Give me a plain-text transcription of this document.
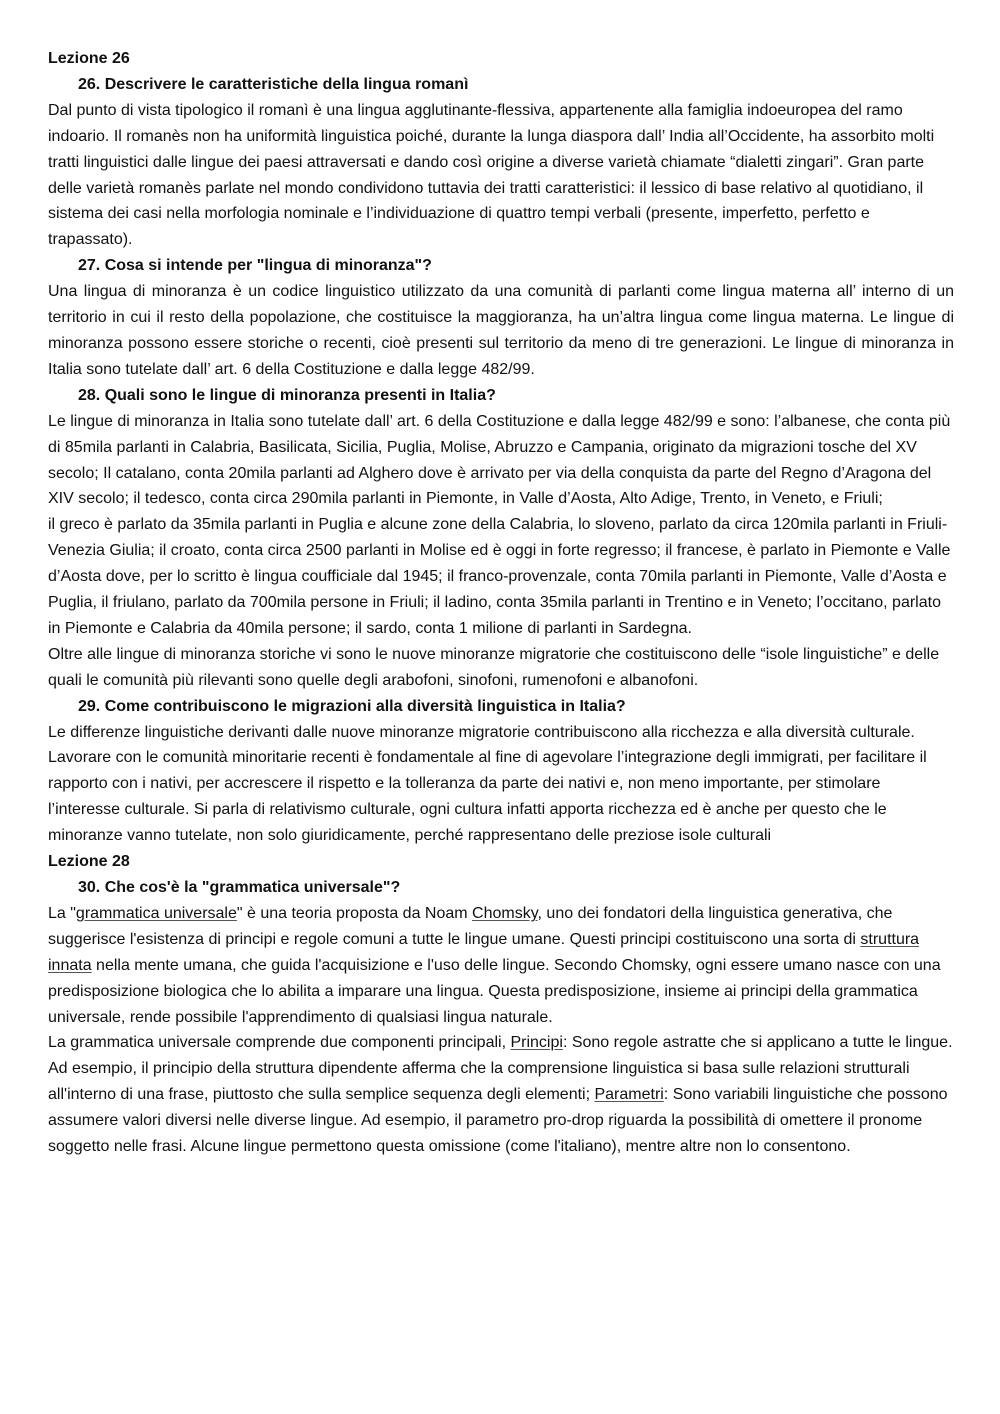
Lezione 26

26. Descrivere le caratteristiche della lingua romanì

Dal punto di vista tipologico il romanì è una lingua agglutinante-flessiva, appartenente alla famiglia indoeuropea del ramo indoario. Il romanès non ha uniformità linguistica poiché, durante la lunga diaspora dall’ India all’Occidente, ha assorbito molti tratti linguistici dalle lingue dei paesi attraversati e dando così origine a diverse varietà chiamate “dialetti zingari”. Gran parte delle varietà romanès parlate nel mondo condividono tuttavia dei tratti caratteristici: il lessico di base relativo al quotidiano, il sistema dei casi nella morfologia nominale e l’individuazione di quattro tempi verbali (presente, imperfetto, perfetto e trapassato).

27. Cosa si intende per "lingua di minoranza"?

Una lingua di minoranza è un codice linguistico utilizzato da una comunità di parlanti come lingua materna all’ interno di un territorio in cui il resto della popolazione, che costituisce la maggioranza, ha un’altra lingua come lingua materna. Le lingue di minoranza possono essere storiche o recenti, cioè presenti sul territorio da meno di tre generazioni. Le lingue di minoranza in Italia sono tutelate dall’ art. 6 della Costituzione e dalla legge 482/99.

28. Quali sono le lingue di minoranza presenti in Italia?

Le lingue di minoranza in Italia sono tutelate dall’ art. 6 della Costituzione e dalla legge 482/99 e sono: l’albanese, che conta più di 85mila parlanti in Calabria, Basilicata, Sicilia, Puglia, Molise, Abruzzo e Campania, originato da migrazioni tosche del XV secolo; Il catalano, conta 20mila parlanti ad Alghero dove è arrivato per via della conquista da parte del Regno d’Aragona del XIV secolo; il tedesco, conta circa 290mila parlanti in Piemonte, in Valle d’Aosta, Alto Adige, Trento, in Veneto, e Friuli;

il greco è parlato da 35mila parlanti in Puglia e alcune zone della Calabria, lo sloveno, parlato da circa 120mila parlanti in Friuli-Venezia Giulia; il croato, conta circa 2500 parlanti in Molise ed è oggi in forte regresso; il francese, è parlato in Piemonte e Valle d’Aosta dove, per lo scritto è lingua coufficiale dal 1945; il franco-provenzale, conta 70mila parlanti in Piemonte, Valle d’Aosta e Puglia, il friulano, parlato da 700mila persone in Friuli; il ladino, conta 35mila parlanti in Trentino e in Veneto; l’occitano, parlato in Piemonte e Calabria da 40mila persone; il sardo, conta 1 milione di parlanti in Sardegna.

Oltre alle lingue di minoranza storiche vi sono le nuove minoranze migratorie che costituiscono delle “isole linguistiche” e delle quali le comunità più rilevanti sono quelle degli arabofoni, sinofoni, rumenofoni e albanofoni.

29. Come contribuiscono le migrazioni alla diversità linguistica in Italia?

Le differenze linguistiche derivanti dalle nuove minoranze migratorie contribuiscono alla ricchezza e alla diversità culturale. Lavorare con le comunità minoritarie recenti è fondamentale al fine di agevolare l’integrazione degli immigrati, per facilitare il rapporto con i nativi, per accrescere il rispetto e la tolleranza da parte dei nativi e, non meno importante, per stimolare l’interesse culturale. Si parla di relativismo culturale, ogni cultura infatti apporta ricchezza ed è anche per questo che le minoranze vanno tutelate, non solo giuridicamente, perché rappresentano delle preziose isole culturali

Lezione 28

30. Che cos'è la "grammatica universale"?

La "grammatica universale" è una teoria proposta da Noam Chomsky, uno dei fondatori della linguistica generativa, che suggerisce l'esistenza di principi e regole comuni a tutte le lingue umane. Questi principi costituiscono una sorta di struttura innata nella mente umana, che guida l'acquisizione e l'uso delle lingue. Secondo Chomsky, ogni essere umano nasce con una predisposizione biologica che lo abilita a imparare una lingua. Questa predisposizione, insieme ai principi della grammatica universale, rende possibile l'apprendimento di qualsiasi lingua naturale.

La grammatica universale comprende due componenti principali, Principi: Sono regole astratte che si applicano a tutte le lingue. Ad esempio, il principio della struttura dipendente afferma che la comprensione linguistica si basa sulle relazioni strutturali all'interno di una frase, piuttosto che sulla semplice sequenza degli elementi; Parametri: Sono variabili linguistiche che possono assumere valori diversi nelle diverse lingue. Ad esempio, il parametro pro-drop riguarda la possibilità di omettere il pronome soggetto nelle frasi. Alcune lingue permettono questa omissione (come l'italiano), mentre altre non lo consentono.
